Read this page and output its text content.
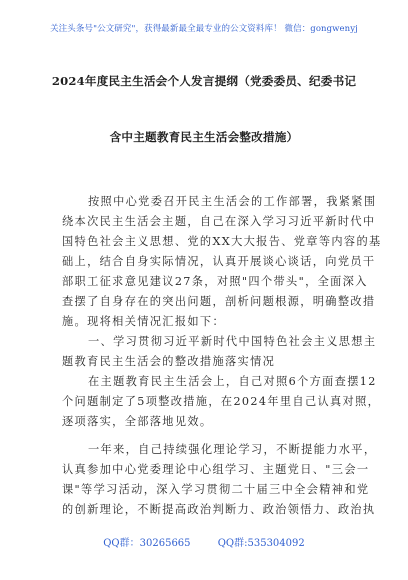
关注头条号"公文研究"，获得最新最全最专业的公文资料库！ 微信：gongwenyj
2024年度民主生活会个人发言提纲（党委委员、纪委书记
含中主题教育民主生活会整改措施）
按照中心党委召开民主生活会的工作部署，我紧紧围
绕本次民主生活会主题，自己在深入学习习近平新时代中
国特色社会主义思想、党的XX大大报告、党章等内容的基
础上，结合自身实际情况，认真开展谈心谈话，向党员干
部职工征求意见建议27条，对照"四个带头"，全面深入
查摆了自身存在的突出问题，剖析问题根源，明确整改措
施。现将相关情况汇报如下：
一、学习贯彻习近平新时代中国特色社会主义思想主
题教育民主生活会的整改措施落实情况
在主题教育民主生活会上，自己对照6个方面查摆12
个问题制定了5项整改措施，在2024年里自己认真对照，
逐项落实，全部落地见效。
一年来，自己持续强化理论学习，不断提能力水平，
认真参加中心党委理论中心组学习、主题党日、"三会一
课"等学习活动，深入学习贯彻二十届三中全会精神和党
的创新理论，不断提高政治判断力、政治领悟力、政治执
QQ群：30265665	QQ群:535304092
